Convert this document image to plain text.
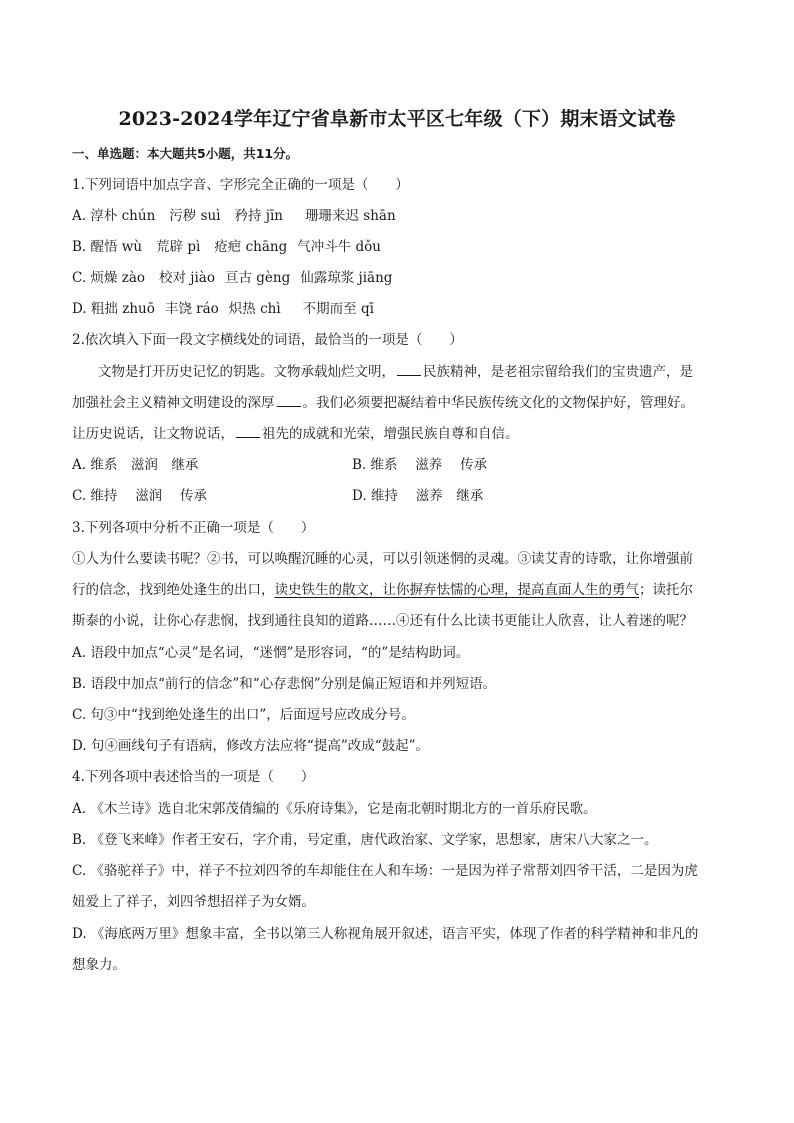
2023-2024学年辽宁省阜新市太平区七年级（下）期末语文试卷
一、单选题：本大题共5小题，共11分。
1.下列词语中加点字音、字形完全正确的一项是（　　）
A. 淳朴 chún 污秽 suì 矜持 jīn 珊珊来迟 shān
B. 醒悟 wù 荒辟 pì 疮疤 chāng 气冲斗牛 dǒu
C. 烦燥 zào 校对 jiào 亘古 gèng 仙露琼浆 jiāng
D. 粗拙 zhuō 丰饶 ráo 炽热 chì 不期而至 qī
2.依次填入下面一段文字横线处的词语，最恰当的一项是（　　）
文物是打开历史记忆的钥匙。文物承载灿烂文明， 民族精神，是老祖宗留给我们的宝贵遗产，是
加强社会主义精神文明建设的深厚 。我们必须要把凝结着中华民族传统文化的文物保护好，管理好。
让历史说话，让文物说话， 祖先的成就和光荣，增强民族自尊和自信。
A. 维系　滋润　继承	B. 维系　 滋养　 传承
C. 维持　 滋润　 传承	D. 维持　 滋养　继承
3.下列各项中分析不正确一项是（　　）
①人为什么要读书呢？②书，可以唤醒沉睡的心灵，可以引领迷惘的灵魂。③读艾青的诗歌，让你增强前
行的信念，找到绝处逢生的出口，读史铁生的散文，让你摒弃怯懦的心理，提高直面人生的勇气；读托尔
斯泰的小说，让你心存悲悯，找到通往良知的道路……④还有什么比读书更能让人欣喜，让人着迷的呢？
A. 语段中加点“心灵”是名词，“迷惘”是形容词，“的”是结构助词。
B. 语段中加点“前行的信念”和“心存悲悯”分别是偏正短语和并列短语。
C. 句③中“找到绝处逢生的出口”，后面逗号应改成分号。
D. 句④画线句子有语病，修改方法应将“提高”改成“鼓起”。
4.下列各项中表述恰当的一项是（　　）
A. 《木兰诗》选自北宋郭茂倩编的《乐府诗集》，它是南北朝时期北方的一首乐府民歌。
B. 《登飞来峰》作者王安石，字介甫，号定重，唐代政治家、文学家，思想家，唐宋八大家之一。
C. 《骆驼祥子》中，祥子不拉刘四爷的车却能住在人和车场：一是因为祥子常帮刘四爷干活，二是因为虎
妞爱上了祥子，刘四爷想招祥子为女婿。
D. 《海底两万里》想象丰富，全书以第三人称视角展开叙述，语言平实，体现了作者的科学精神和非凡的
想象力。
